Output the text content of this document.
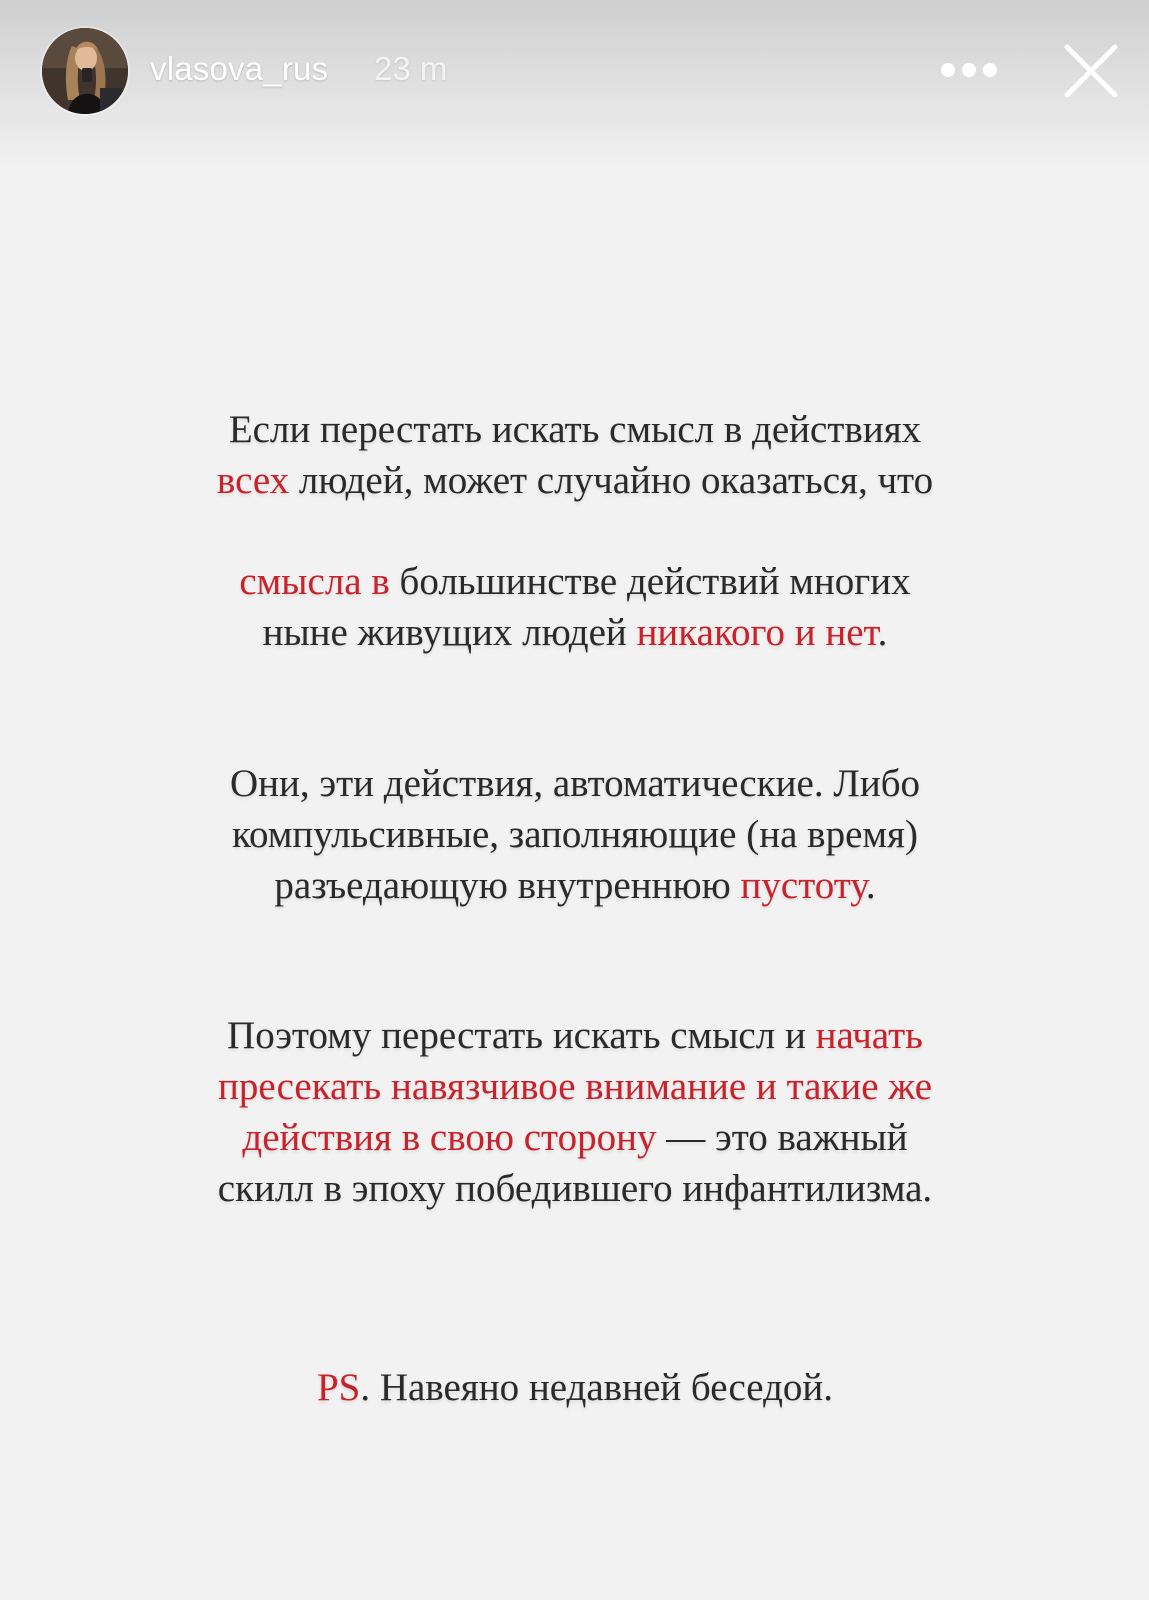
vlasova_rus 23 m
Если перестать искать смысл в действиях
всех людей, может случайно оказаться, что
смысла в большинстве действий многих
ныне живущих людей никакого и нет.
Они, эти действия, автоматические. Либо
компульсивные, заполняющие (на время)
разъедающую внутреннюю пустоту.
Поэтому перестать искать смысл и начать
пресекать навязчивое внимание и такие же
действия в свою сторону — это важный
скилл в эпоху победившего инфантилизма.
PS. Навеяно недавней беседой.
